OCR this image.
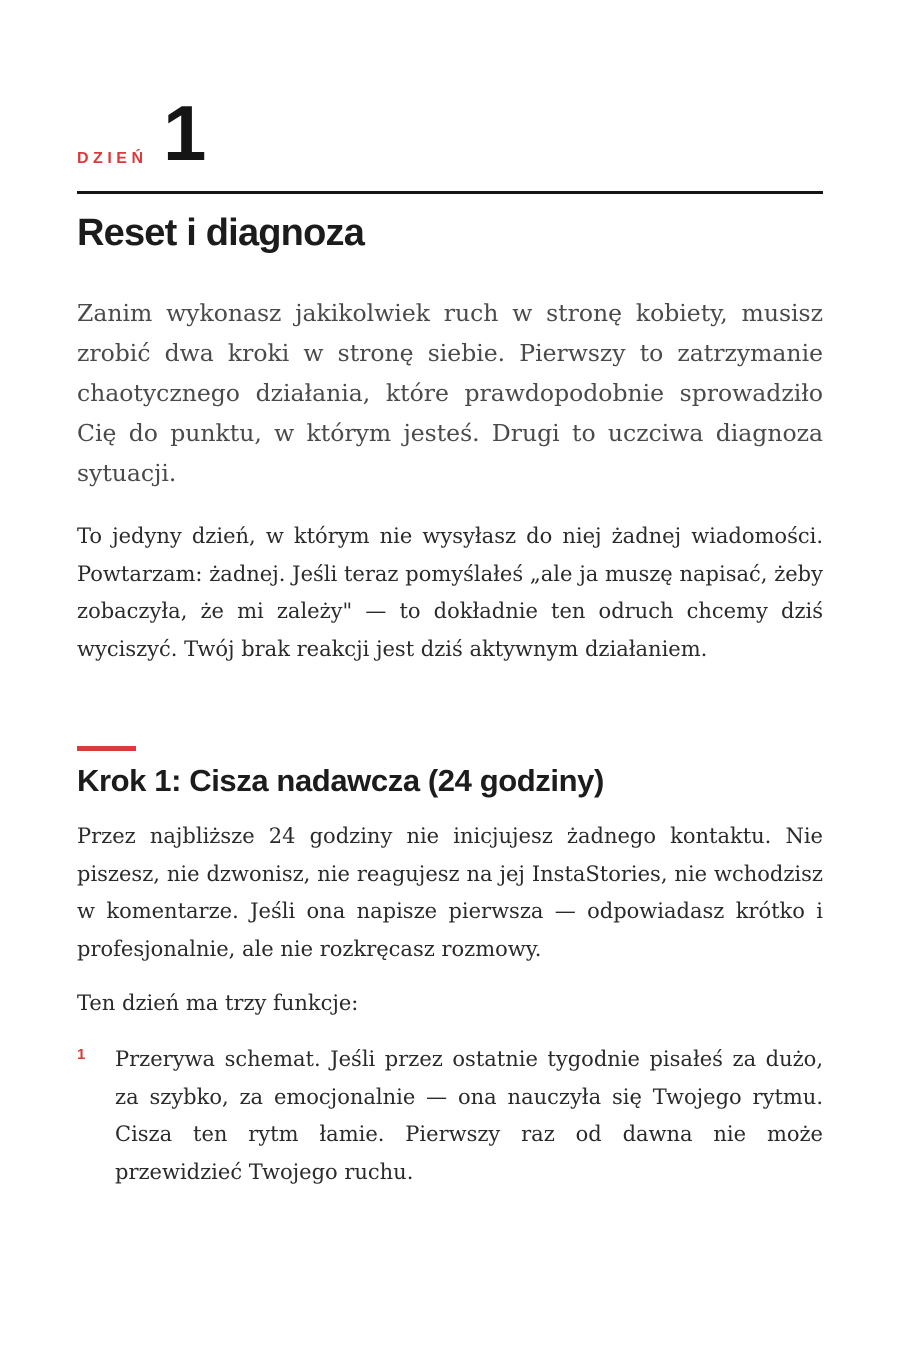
DZIEŃ 1
Reset i diagnoza

Zanim wykonasz jakikolwiek ruch w stronę kobiety, musisz zrobić dwa kroki w stronę siebie. Pierwszy to zatrzymanie chaotycznego działania, które prawdopodobnie sprowadziło Cię do punktu, w którym jesteś. Drugi to uczciwa diagnoza sytuacji.

To jedyny dzień, w którym nie wysyłasz do niej żadnej wiadomości. Powtarzam: żadnej. Jeśli teraz pomyślałeś „ale ja muszę napisać, żeby zobaczyła, że mi zależy" — to dokładnie ten odruch chcemy dziś wyciszyć. Twój brak reakcji jest dziś aktywnym działaniem.

Krok 1: Cisza nadawcza (24 godziny)

Przez najbliższe 24 godziny nie inicjujesz żadnego kontaktu. Nie piszesz, nie dzwonisz, nie reagujesz na jej InstaStories, nie wchodzisz w komentarze. Jeśli ona napisze pierwsza — odpowiadasz krótko i profesjonalnie, ale nie rozkręcasz rozmowy.

Ten dzień ma trzy funkcje:

1 Przerywa schemat. Jeśli przez ostatnie tygodnie pisałeś za dużo, za szybko, za emocjonalnie — ona nauczyła się Twojego rytmu. Cisza ten rytm łamie. Pierwszy raz od dawna nie może przewidzieć Twojego ruchu.
